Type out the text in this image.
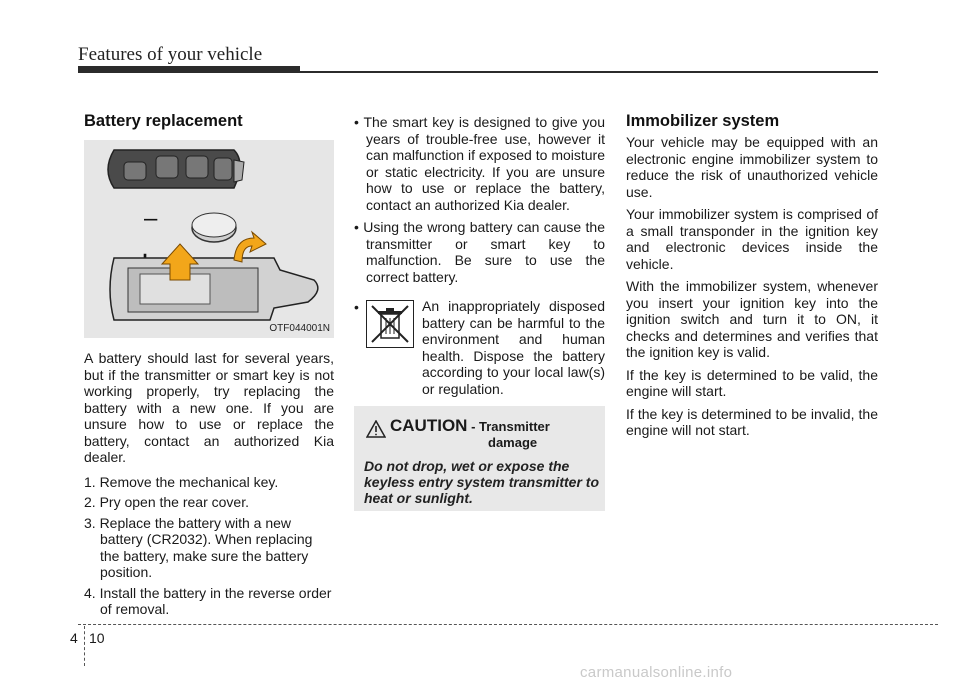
Features of your vehicle
Battery replacement
–
OTF044001N

A battery should last for several years, but if the transmitter or smart key is not working properly, try replacing the battery with a new one. If you are unsure how to use or replace the battery, contact an authorized Kia dealer.

1. Remove the mechanical key.
2. Pry open the rear cover.
3. Replace the battery with a new battery (CR2032). When replacing the battery, make sure the battery position.
4. Install the battery in the reverse order of removal.
• The smart key is designed to give you years of trouble-free use, however it can malfunction if exposed to moisture or static electricity. If you are unsure how to use or replace the battery, contact an authorized Kia dealer.
• Using the wrong battery can cause the transmitter or smart key to malfunction. Be sure to use the correct battery.
•	An inappropriately disposed battery can be harmful to the environment and human health. Dispose the battery according to your local law(s) or regulation.

CAUTION - Transmitter
damage
Do not drop, wet or expose the keyless entry system transmitter to heat or sunlight.
Immobilizer system

Your vehicle may be equipped with an electronic engine immobilizer system to reduce the risk of unauthorized vehicle use.

Your immobilizer system is comprised of a small transponder in the ignition key and electronic devices inside the vehicle.

With the immobilizer system, whenever you insert your ignition key into the ignition switch and turn it to ON, it checks and determines and verifies that the ignition key is valid.

If the key is determined to be valid, the engine will start.

If the key is determined to be invalid, the engine will not start.

4 10
carmanualsonline.info
